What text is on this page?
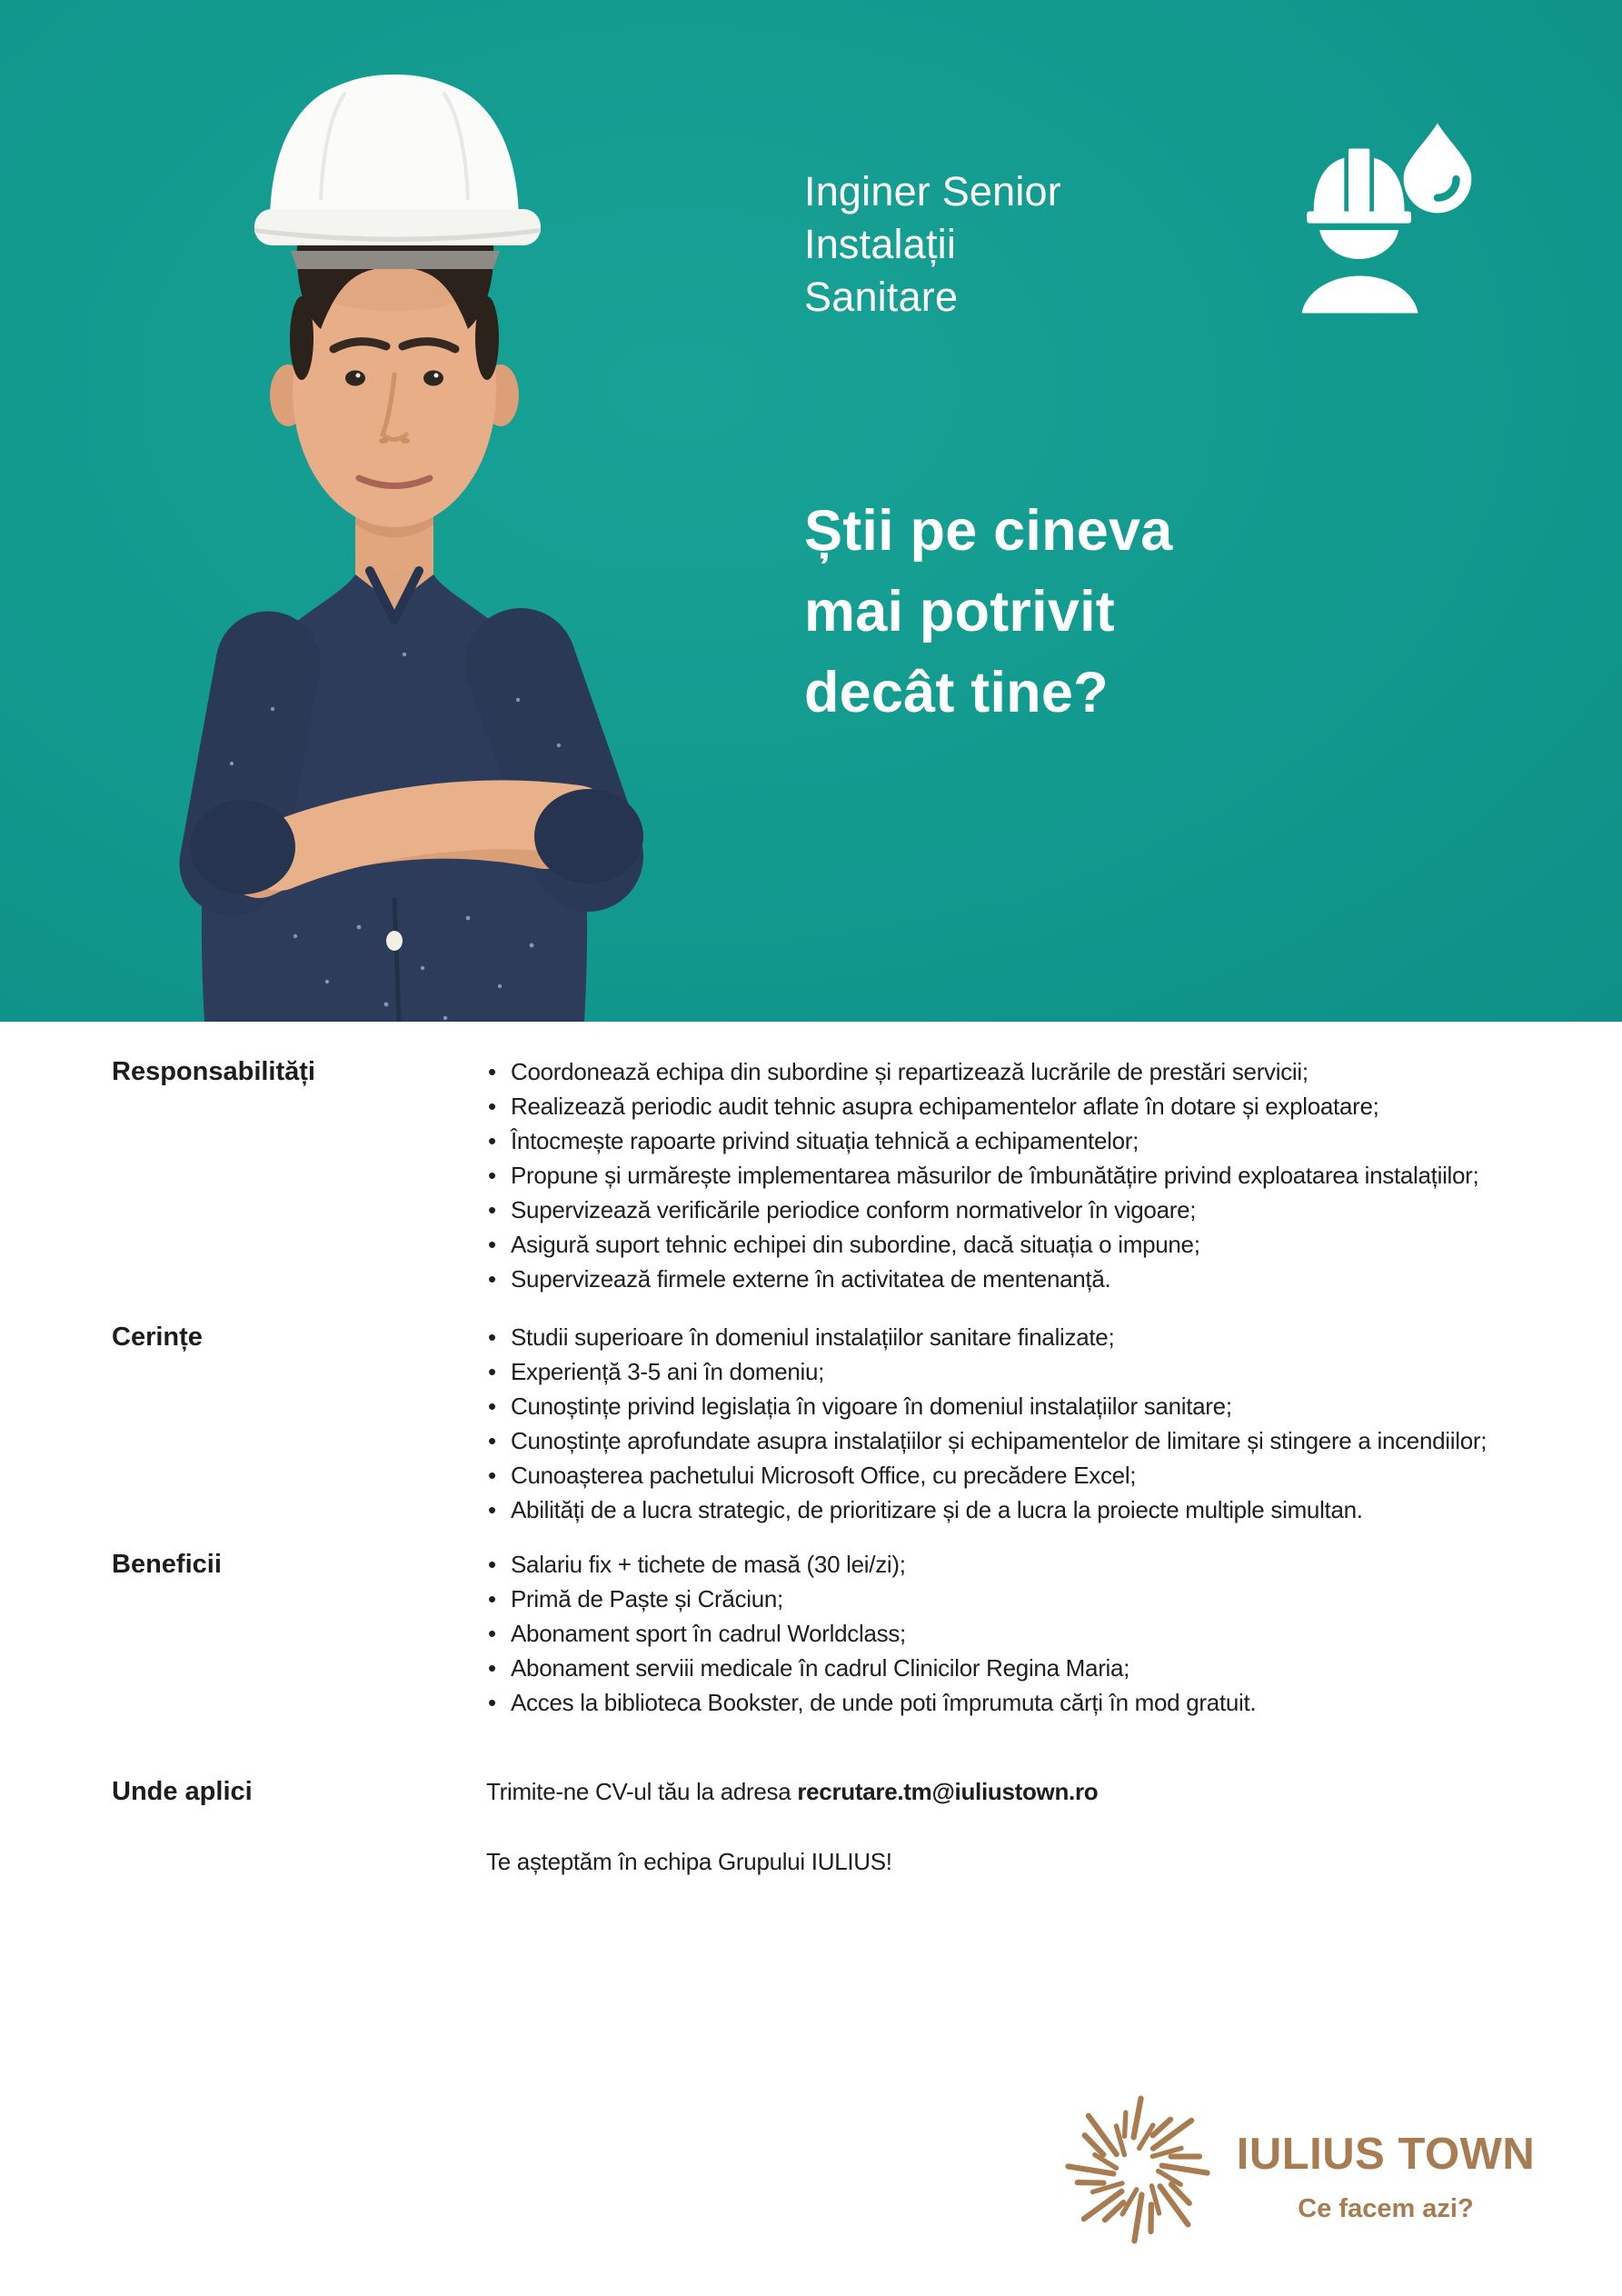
Inginer Senior
Instalații
Sanitare
Știi pe cineva
mai potrivit
decât tine?
Responsabilități	• Coordonează echipa din subordine și repartizează lucrările de prestări servicii;
• Realizează periodic audit tehnic asupra echipamentelor aflate în dotare și exploatare;
• Întocmește rapoarte privind situația tehnică a echipamentelor;
• Propune și urmărește implementarea măsurilor de îmbunătățire privind exploatarea instalațiilor;
• Supervizează verificările periodice conform normativelor în vigoare;
• Asigură suport tehnic echipei din subordine, dacă situația o impune;
• Supervizează firmele externe în activitatea de mentenanță.
Cerințe	• Studii superioare în domeniul instalațiilor sanitare finalizate;
• Experiență 3-5 ani în domeniu;
• Cunoștințe privind legislația în vigoare în domeniul instalațiilor sanitare;
• Cunoștințe aprofundate asupra instalațiilor și echipamentelor de limitare și stingere a incendiilor;
• Cunoașterea pachetului Microsoft Office, cu precădere Excel;
• Abilități de a lucra strategic, de prioritizare și de a lucra la proiecte multiple simultan.
Beneficii	• Salariu fix + tichete de masă (30 lei/zi);
• Primă de Paște și Crăciun;
• Abonament sport în cadrul Worldclass;
• Abonament serviii medicale în cadrul Clinicilor Regina Maria;
• Acces la biblioteca Bookster, de unde poti împrumuta cărți în mod gratuit.
Unde aplici	Trimite-ne CV-ul tău la adresa recrutare.tm@iuliustown.ro

Te așteptăm în echipa Grupului IULIUS!

IULIUS TOWN
Ce facem azi?
